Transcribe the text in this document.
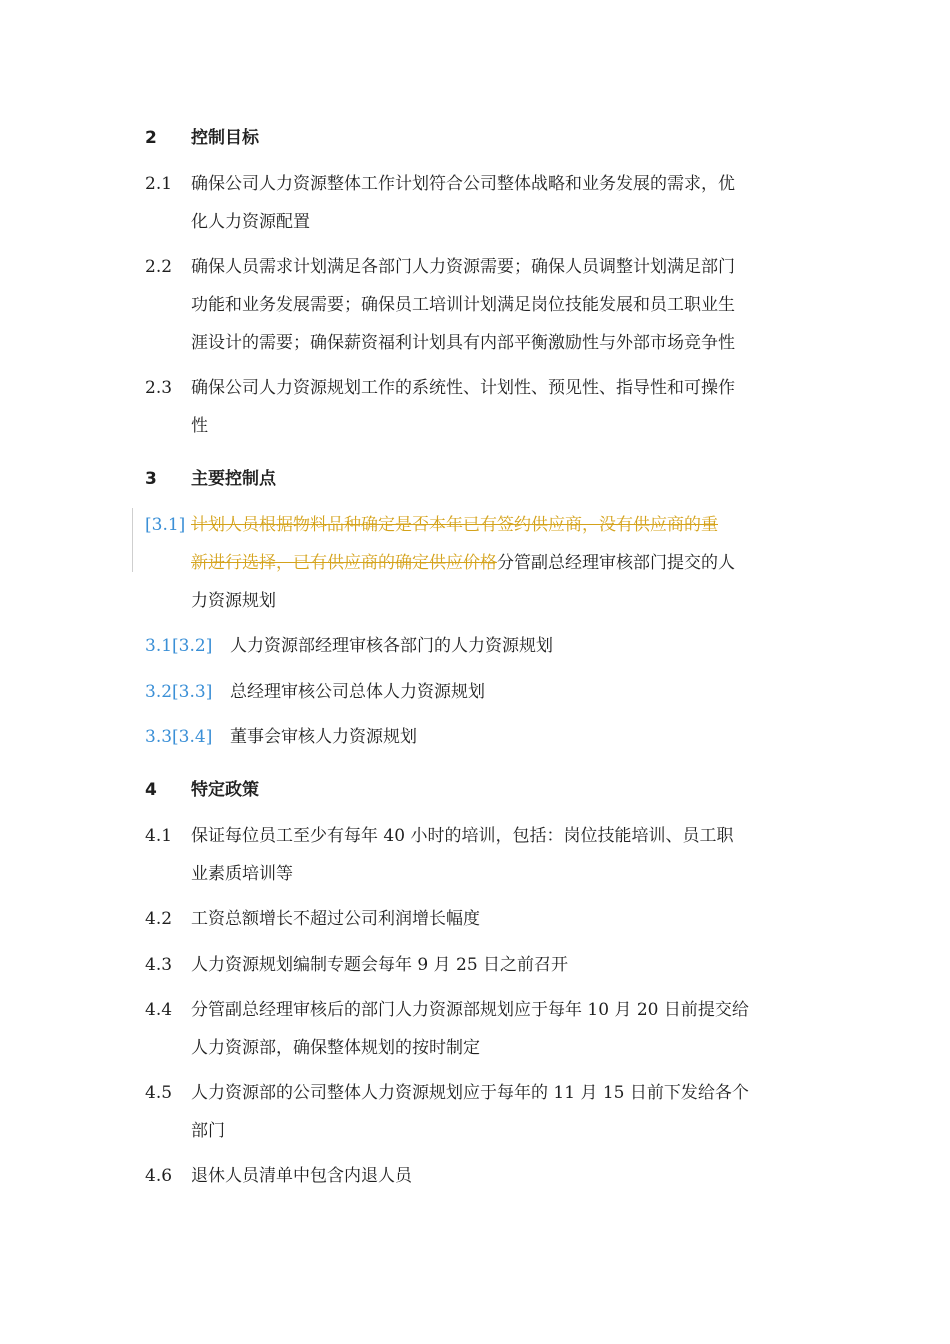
2	控制目标
2.1 确保公司人力资源整体工作计划符合公司整体战略和业务发展的需求，优
化人力资源配置
2.2 确保人员需求计划满足各部门人力资源需要；确保人员调整计划满足部门
功能和业务发展需要；确保员工培训计划满足岗位技能发展和员工职业生
涯设计的需要；确保薪资福利计划具有内部平衡激励性与外部市场竞争性
2.3 确保公司人力资源规划工作的系统性、计划性、预见性、指导性和可操作
性
3	主要控制点
[3.1] 计划人员根据物料品种确定是否本年已有签约供应商，没有供应商的重
新进行选择，已有供应商的确定供应价格分管副总经理审核部门提交的人
力资源规划
3.1[3.2] 人力资源部经理审核各部门的人力资源规划
3.2[3.3] 总经理审核公司总体人力资源规划
3.3[3.4] 董事会审核人力资源规划
4	特定政策
4.1 保证每位员工至少有每年 40 小时的培训，包括：岗位技能培训、员工职
业素质培训等
4.2 工资总额增长不超过公司利润增长幅度
4.3 人力资源规划编制专题会每年 9 月 25 日之前召开
4.4 分管副总经理审核后的部门人力资源部规划应于每年 10 月 20 日前提交给
人力资源部，确保整体规划的按时制定
4.5 人力资源部的公司整体人力资源规划应于每年的 11 月 15 日前下发给各个
部门
4.6 退休人员清单中包含内退人员
